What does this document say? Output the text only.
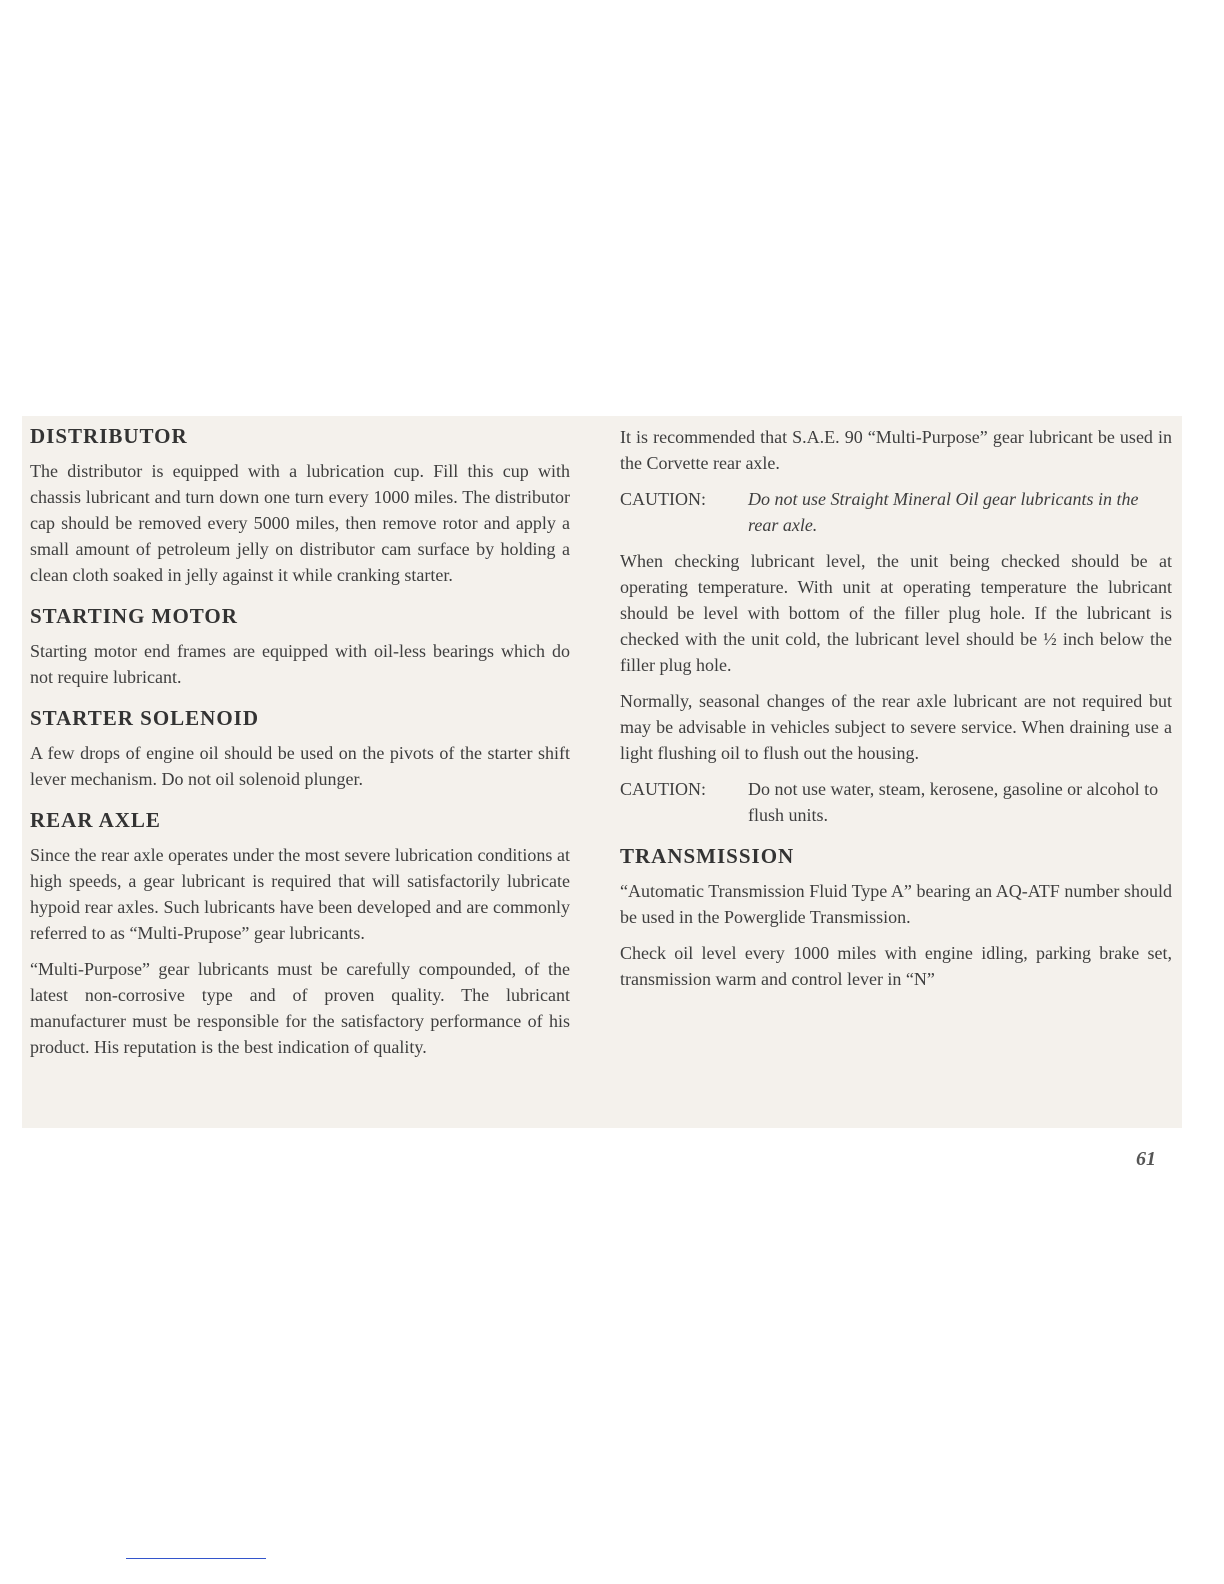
DISTRIBUTOR

The distributor is equipped with a lubrication cup. Fill this cup with chassis lubricant and turn down one turn every 1000 miles. The distributor cap should be removed every 5000 miles, then remove rotor and apply a small amount of petroleum jelly on distributor cam surface by holding a clean cloth soaked in jelly against it while cranking starter.

STARTING MOTOR

Starting motor end frames are equipped with oil-less bearings which do not require lubricant.

STARTER SOLENOID

A few drops of engine oil should be used on the pivots of the starter shift lever mechanism. Do not oil solenoid plunger.

REAR AXLE

Since the rear axle operates under the most severe lubrication conditions at high speeds, a gear lubricant is required that will satisfactorily lubricate hypoid rear axles. Such lubricants have been developed and are commonly referred to as “Multi-Prupose” gear lubricants.

“Multi-Purpose” gear lubricants must be carefully compounded, of the latest non-corrosive type and of proven quality. The lubricant manufacturer must be responsible for the satisfactory performance of his product. His reputation is the best indication of quality.

It is recommended that S.A.E. 90 “Multi-Purpose” gear lubricant be used in the Corvette rear axle.

CAUTION:	Do not use Straight Mineral Oil gear lubricants in the rear axle.

When checking lubricant level, the unit being checked should be at operating temperature. With unit at operating temperature the lubricant should be level with bottom of the filler plug hole. If the lubricant is checked with the unit cold, the lubricant level should be ½ inch below the filler plug hole.

Normally, seasonal changes of the rear axle lubricant are not required but may be advisable in vehicles subject to severe service. When draining use a light flushing oil to flush out the housing.

CAUTION:	Do not use water, steam, kerosene, gasoline or alcohol to flush units.
TRANSMISSION

“Automatic Transmission Fluid Type A” bearing an AQ-ATF number should be used in the Powerglide Transmission.

Check oil level every 1000 miles with engine idling, parking brake set, transmission warm and control lever in “N”

61
